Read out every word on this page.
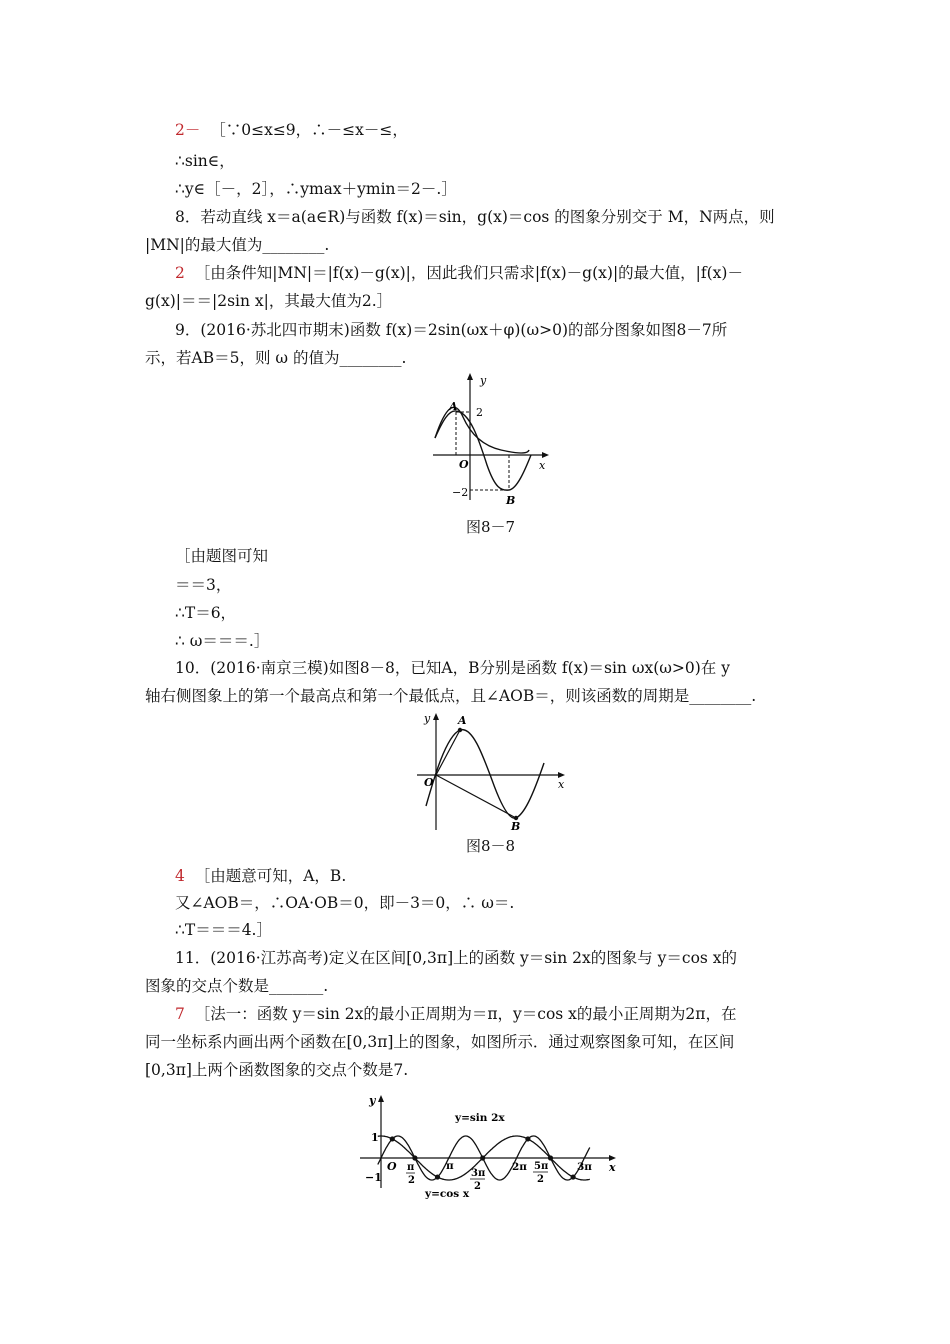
2－ ［∵0≤x≤9，∴－≤x－≤，
∴sin∈，
∴y∈［－，2］，∴ymax＋ymin＝2－.］
8．若动直线 x＝a(a∈R)与函数 f(x)＝sin，g(x)＝cos 的图象分别交于 M，N两点，则
|MN|的最大值为________.
2 ［由条件知|MN|＝|f(x)－g(x)|，因此我们只需求|f(x)－g(x)|的最大值，|f(x)－
g(x)|＝＝|2sin x|，其最大值为2.］
9．(2016·苏北四市期末)函数 f(x)＝2sin(ωx＋φ)(ω>0)的部分图象如图8－7所
示，若AB＝5，则 ω 的值为________.
y
x
O
A
B
2
−2
图8－7
［由题图可知
＝＝3，
∴T＝6，
∴ ω＝＝＝.］
10．(2016·南京三模)如图8－8，已知A，B分别是函数 f(x)＝sin ωx(ω>0)在 y
轴右侧图象上的第一个最高点和第一个最低点，且∠AOB＝，则该函数的周期是________.
y
x
O
A
B
图8－8
4 ［由题意可知，A，B.
又∠AOB＝，∴OA·OB＝0，即－3＝0，∴ ω＝.
∴T＝＝＝4.］
11．(2016·江苏高考)定义在区间[0,3π]上的函数 y＝sin 2x的图象与 y＝cos x的
图象的交点个数是_______.
7 ［法一：函数 y＝sin 2x的最小正周期为＝π，y＝cos x的最小正周期为2π，在
同一坐标系内画出两个函数在[0,3π]上的图象，如图所示．通过观察图象可知，在区间
[0,3π]上两个函数图象的交点个数是7.
y
x
O
1
−1
y=sin 2x
y=cos x
π
2
π
3π
2
2π 5π
2
3π
